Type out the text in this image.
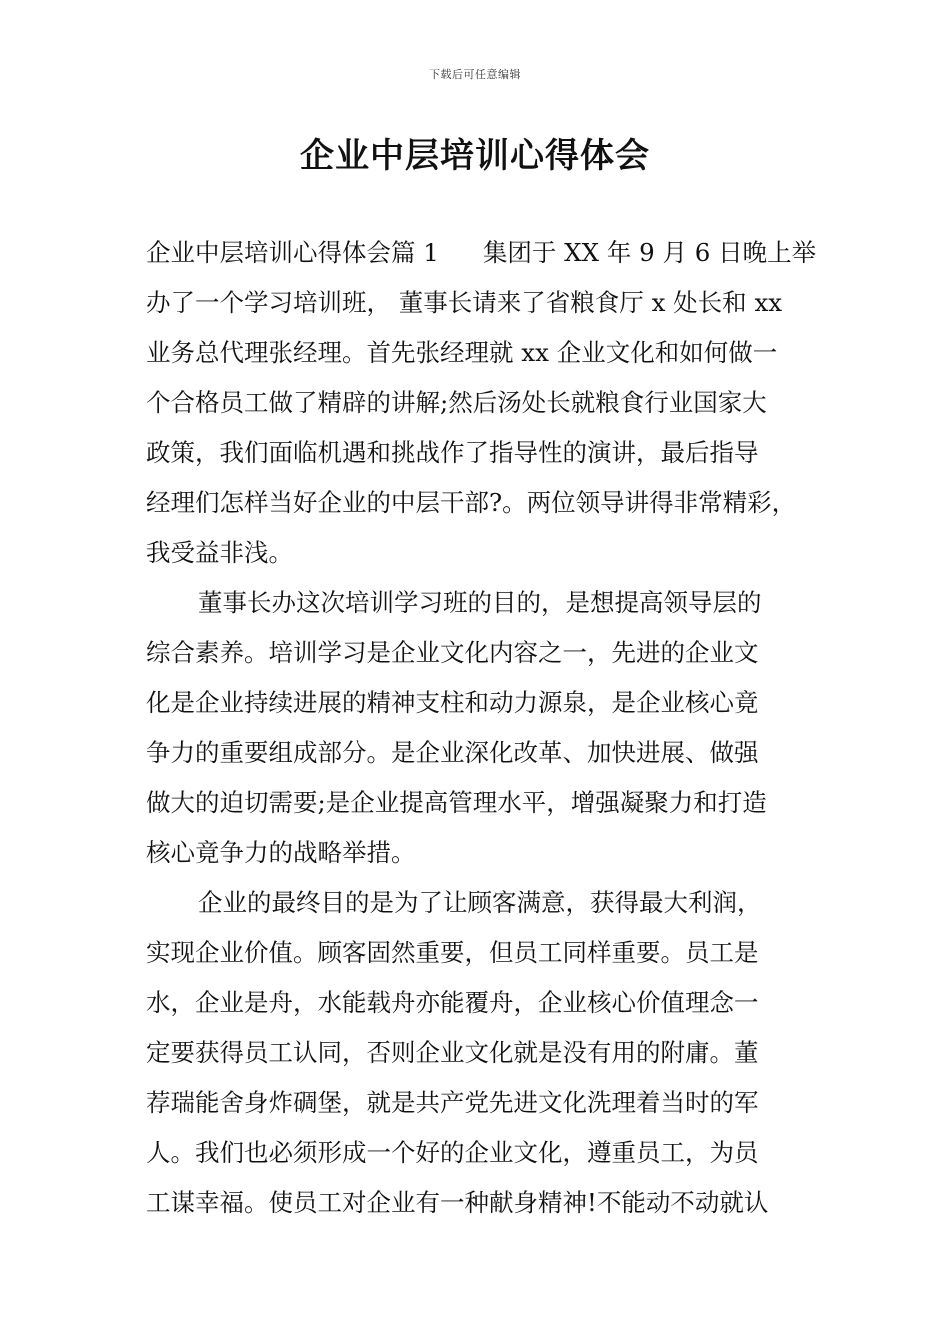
下载后可任意编辑
企业中层培训心得体会
企业中层培训心得体会篇 1 集团于 XX 年 9 月 6 日晚上举
办了一个学习培训班， 董事长请来了省粮食厅 x 处长和 xx
业务总代理张经理。首先张经理就 xx 企业文化和如何做一
个合格员工做了精辟的讲解;然后汤处长就粮食行业国家大
政策，我们面临机遇和挑战作了指导性的演讲，最后指导
经理们怎样当好企业的中层干部?。两位领导讲得非常精彩，
我受益非浅。
董事长办这次培训学习班的目的，是想提高领导层的
综合素养。培训学习是企业文化内容之一，先进的企业文
化是企业持续进展的精神支柱和动力源泉，是企业核心竟
争力的重要组成部分。是企业深化改革、加快进展、做强
做大的迫切需要;是企业提高管理水平，增强凝聚力和打造
核心竟争力的战略举措。
企业的最终目的是为了让顾客满意，获得最大利润，
实现企业价值。顾客固然重要，但员工同样重要。员工是
水，企业是舟，水能载舟亦能覆舟，企业核心价值理念一
定要获得员工认同，否则企业文化就是没有用的附庸。董
荐瑞能舍身炸碉堡，就是共产党先进文化洗理着当时的军
人。我们也必须形成一个好的企业文化，遵重员工，为员
工谋幸福。使员工对企业有一种献身精神!不能动不动就认
